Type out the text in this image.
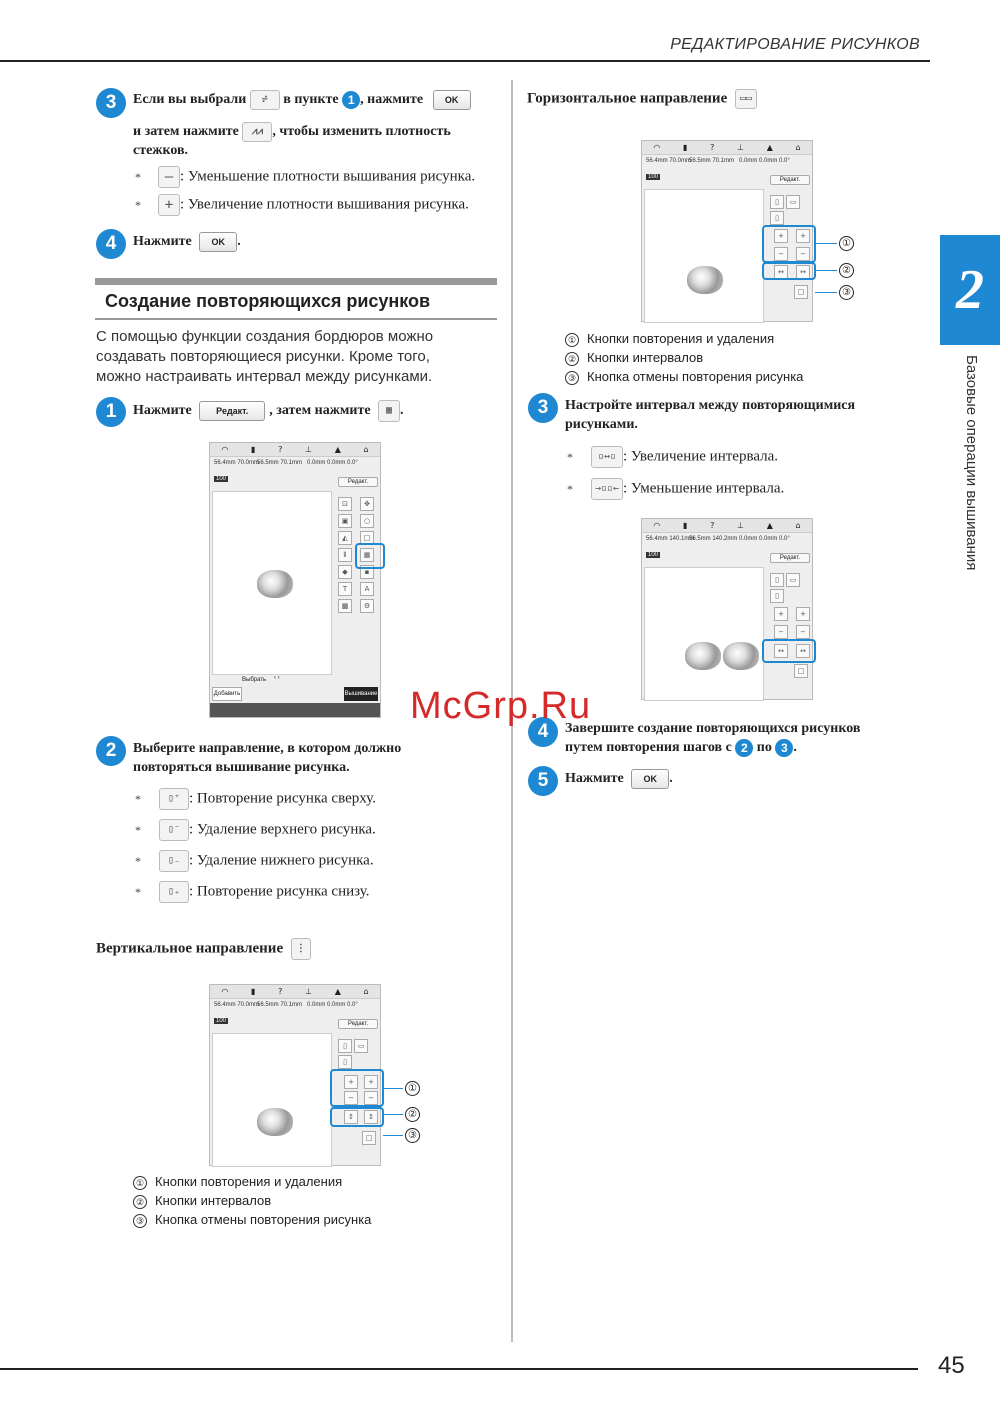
РЕДАКТИРОВАНИЕ РИСУНКОВ
2
Базовые операции вышивания
3	Если вы выбрали ⩫ в пункте 1 , нажмите OK
и затем нажмите ⩘⩘ , чтобы изменить плотность
стежков.
* — : Уменьшение плотности вышивания рисунка.
* + : Увеличение плотности вышивания рисунка.
4	Нажмите OK .
Создание повторяющихся рисунков
С помощью функции создания бордюров можно
создавать повторяющиеся рисунки. Кроме того,
можно настраивать интервал между рисунками.
1	Нажмите	Редакт. , затем нажмите ▦ .
◠	▮	?	⊥	▲	⌂
56.4mm 70.0mm
56.5mm 70.1mm 0.0mm 0.0mm 0.0°
100	Редакт.
⊡	✥
▣	○
◭	□
⫴	▦
◆	▪
T	A
▩	⚙
Выбрать ‹ ›
Добавить	Вышивание
2	Выберите направление, в котором должно
повторяться вышивание рисунка.
*	▯⁺ : Повторение рисунка сверху.
*	▯⁻ : Удаление верхнего рисунка.
*	▯₋ : Удаление нижнего рисунка.
*	▯₊ : Повторение рисунка снизу.
Вертикальное направление ⋮
◠	▮	?	⊥	▲	⌂
56.4mm 70.0mm
56.5mm 70.1mm 0.0mm 0.0mm 0.0°
100	Редакт.
▯	▭
▯
+	+
−	−
↕	↕
□
①
②
③
① Кнопки повторения и удаления
② Кнопки интервалов
③ Кнопка отмены повторения рисунка
Горизонтальное направление ▭▭
◠	▮	?	⊥	▲	⌂
56.4mm 70.0mm
56.5mm 70.1mm 0.0mm 0.0mm 0.0°
100	Редакт.
▯	▭
▯
+	+
−	−
↔	↔
□
①
②
③
① Кнопки повторения и удаления
② Кнопки интервалов
③ Кнопка отмены повторения рисунка
3	Настройте интервал между повторяющимися
рисунками.
* ▫↔▫ : Увеличение интервала.
* →▫▫← : Уменьшение интервала.
◠	▮	?	⊥	▲	⌂
56.4mm 140.1mm
56.5mm 140.2mm 0.0mm 0.0mm 0.0°
100	Редакт.
▯	▭
▯
+	+
−	−
↔	↔
□
4	Завершите создание повторяющихся рисунков
путем повторения шагов с 2 по 3 .
5	Нажмите OK .
McGrp.Ru
45
